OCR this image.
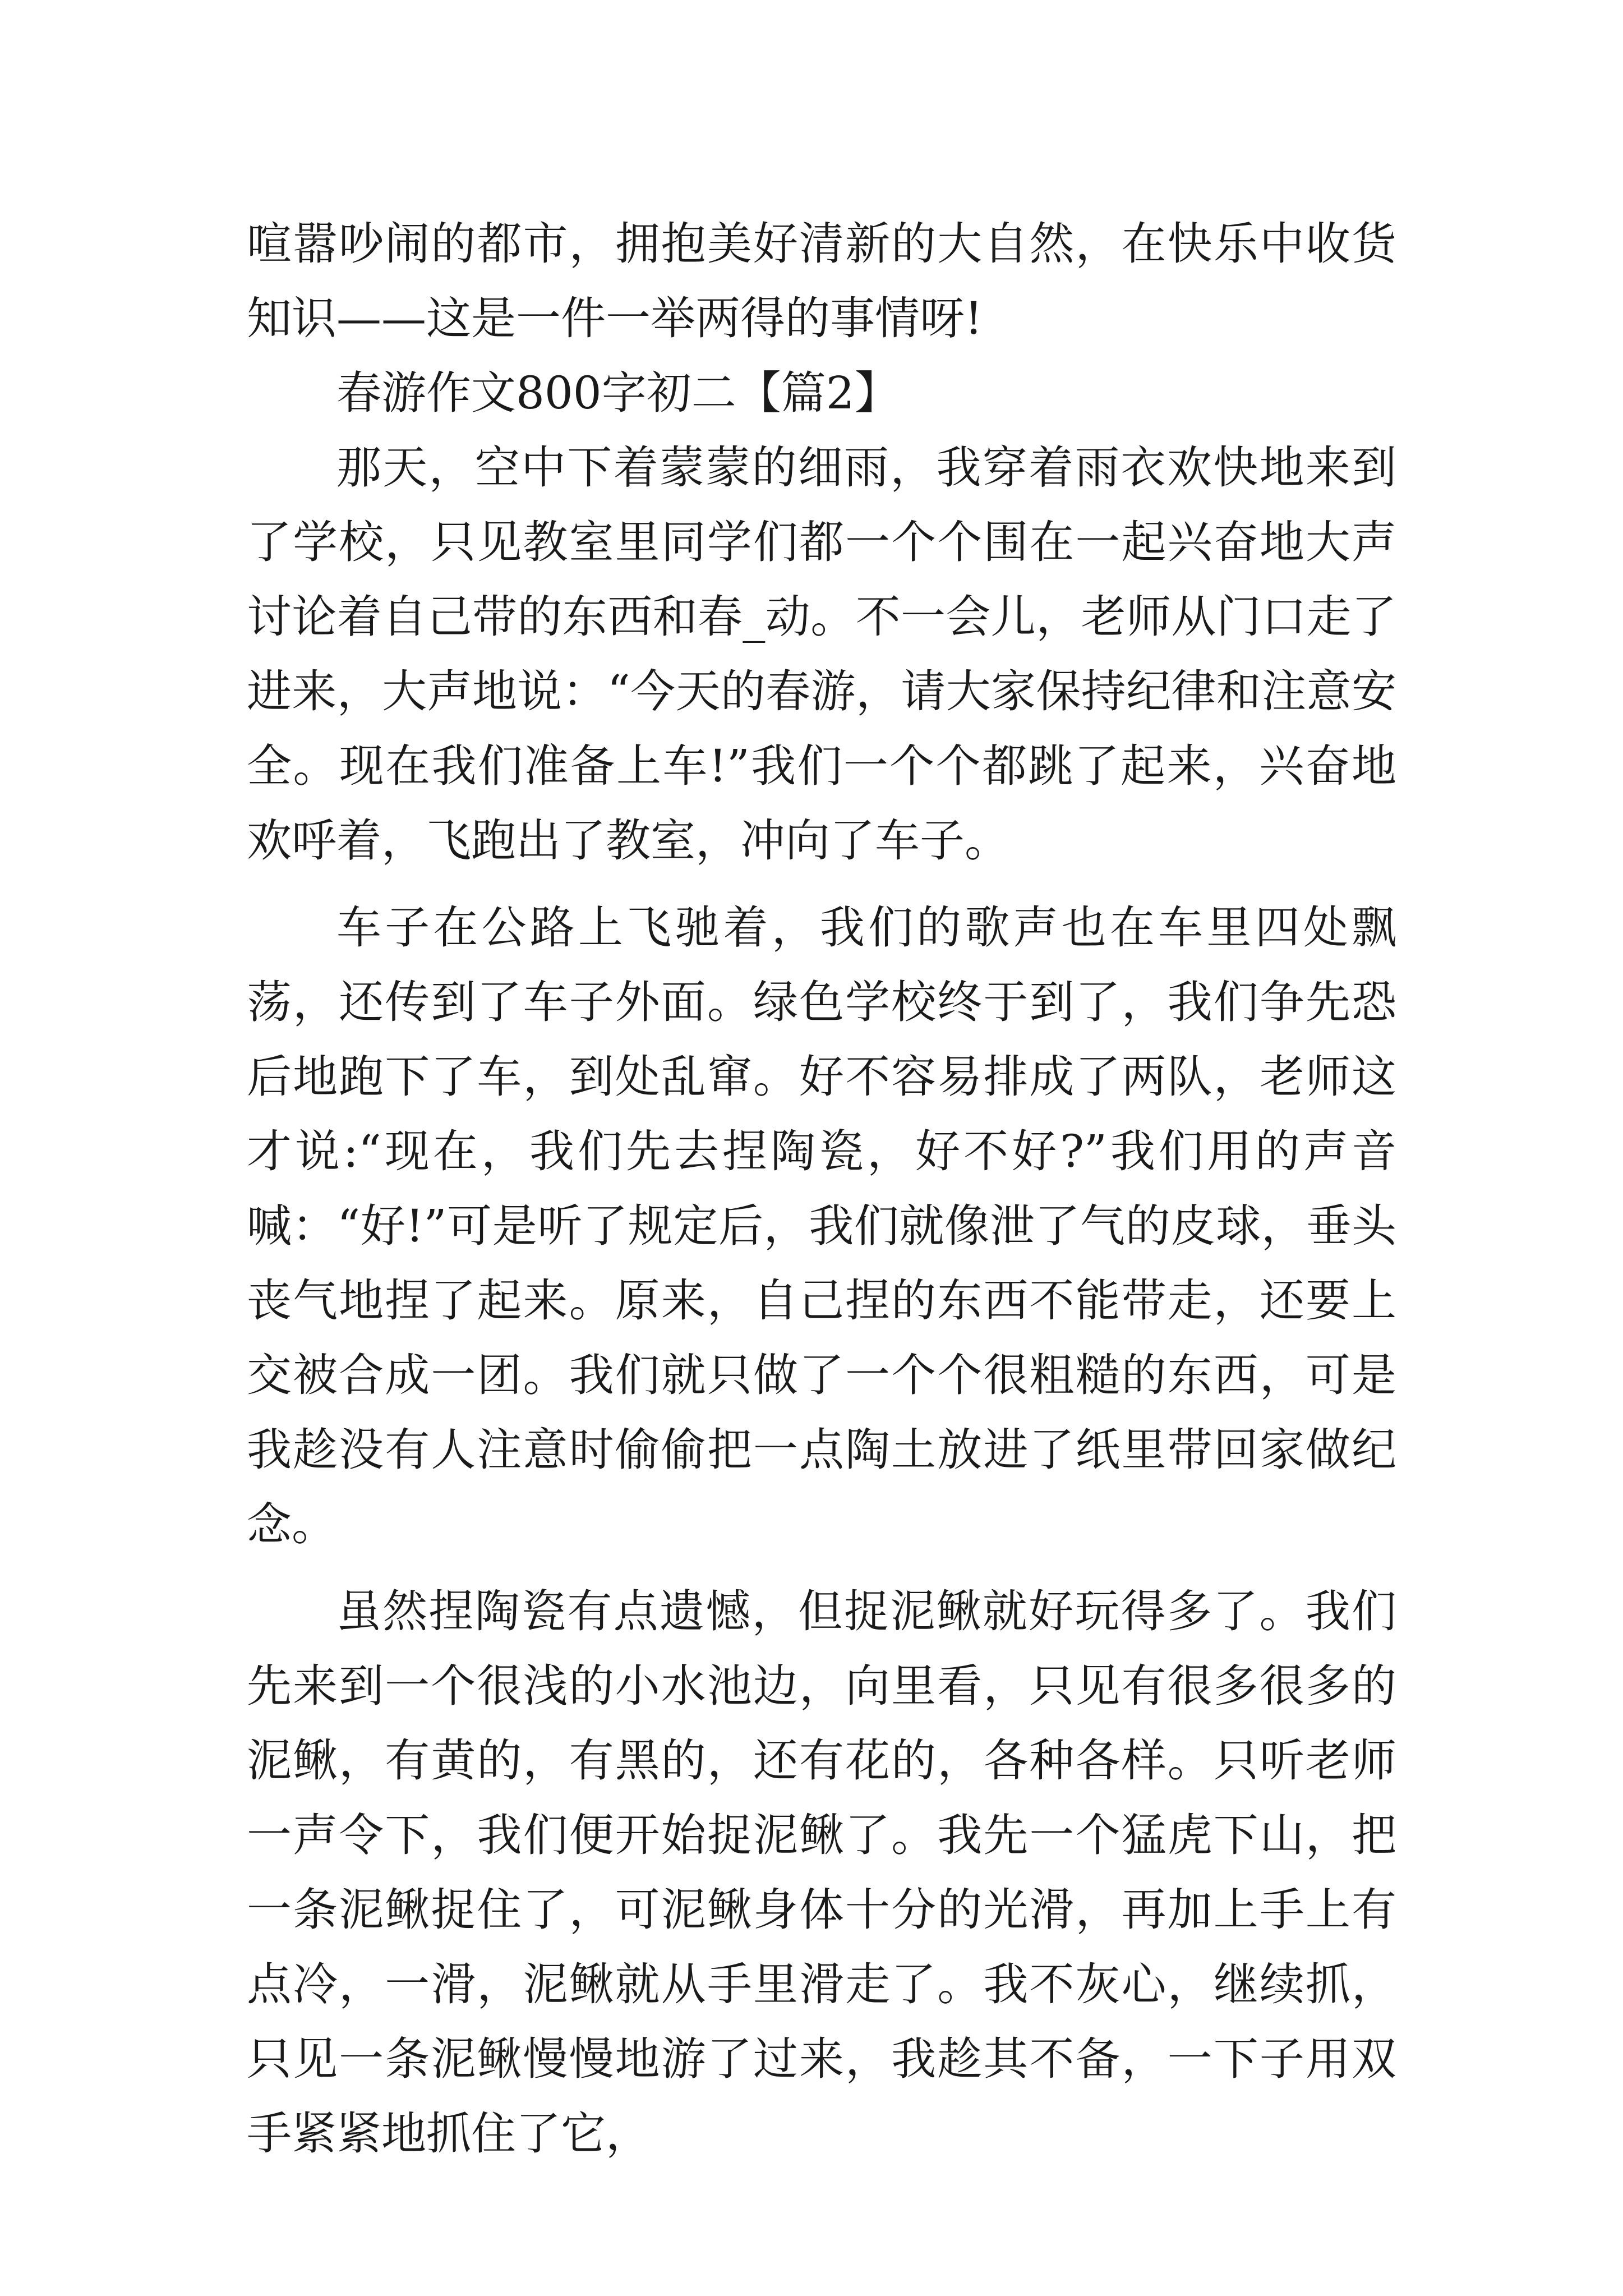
喧嚣吵闹的都市，拥抱美好清新的大自然，在快乐中收货知识——这是一件一举两得的事情呀!

春游作文800字初二【篇2】

那天，空中下着蒙蒙的细雨，我穿着雨衣欢快地来到了学校，只见教室里同学们都一个个围在一起兴奋地大声讨论着自己带的东西和春_动。不一会儿，老师从门口走了进来，大声地说：“今天的春游，请大家保持纪律和注意安全。现在我们准备上车!”我们一个个都跳了起来，兴奋地欢呼着，飞跑出了教室，冲向了车子。

车子在公路上飞驰着，我们的歌声也在车里四处飘荡，还传到了车子外面。绿色学校终于到了，我们争先恐后地跑下了车，到处乱窜。好不容易排成了两队，老师这才说:“现在，我们先去捏陶瓷，好不好?”我们用的声音喊：“好!”可是听了规定后，我们就像泄了气的皮球，垂头丧气地捏了起来。原来，自己捏的东西不能带走，还要上交被合成一团。我们就只做了一个个很粗糙的东西，可是我趁没有人注意时偷偷把一点陶土放进了纸里带回家做纪念。

虽然捏陶瓷有点遗憾，但捉泥鳅就好玩得多了。我们先来到一个很浅的小水池边，向里看，只见有很多很多的泥鳅，有黄的，有黑的，还有花的，各种各样。只听老师一声令下，我们便开始捉泥鳅了。我先一个猛虎下山，把一条泥鳅捉住了，可泥鳅身体十分的光滑，再加上手上有点冷，一滑，泥鳅就从手里滑走了。我不灰心，继续抓，只见一条泥鳅慢慢地游了过来，我趁其不备，一下子用双手紧紧地抓住了它，
